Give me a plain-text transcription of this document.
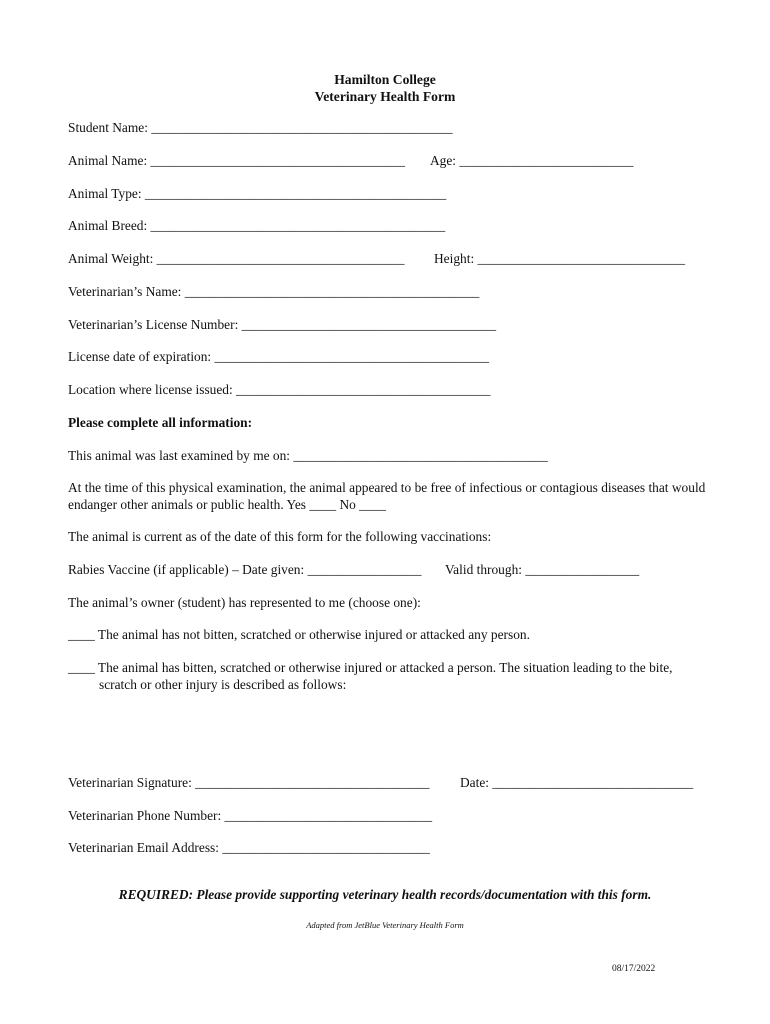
Hamilton College
Veterinary Health Form
Student Name: _____________________________________________
Animal Name: ______________________________________ Age: __________________________
Animal Type: _____________________________________________
Animal Breed: ____________________________________________
Animal Weight: _____________________________________ Height: _______________________________
Veterinarian’s Name: ____________________________________________
Veterinarian’s License Number: ______________________________________
License date of expiration: _________________________________________
Location where license issued: ______________________________________
Please complete all information:
This animal was last examined by me on: ______________________________________
At the time of this physical examination, the animal appeared to be free of infectious or contagious diseases that would endanger other animals or public health. Yes ____ No ____
The animal is current as of the date of this form for the following vaccinations:
Rabies Vaccine (if applicable) – Date given: _________________ Valid through: _________________
The animal’s owner (student) has represented to me (choose one):
____ The animal has not bitten, scratched or otherwise injured or attacked any person.
____ The animal has bitten, scratched or otherwise injured or attacked a person. The situation leading to the bite, scratch or other injury is described as follows:
Veterinarian Signature: ___________________________________ Date: ______________________________
Veterinarian Phone Number: _______________________________
Veterinarian Email Address: _______________________________
REQUIRED: Please provide supporting veterinary health records/documentation with this form.
Adapted from JetBlue Veterinary Health Form
08/17/2022
